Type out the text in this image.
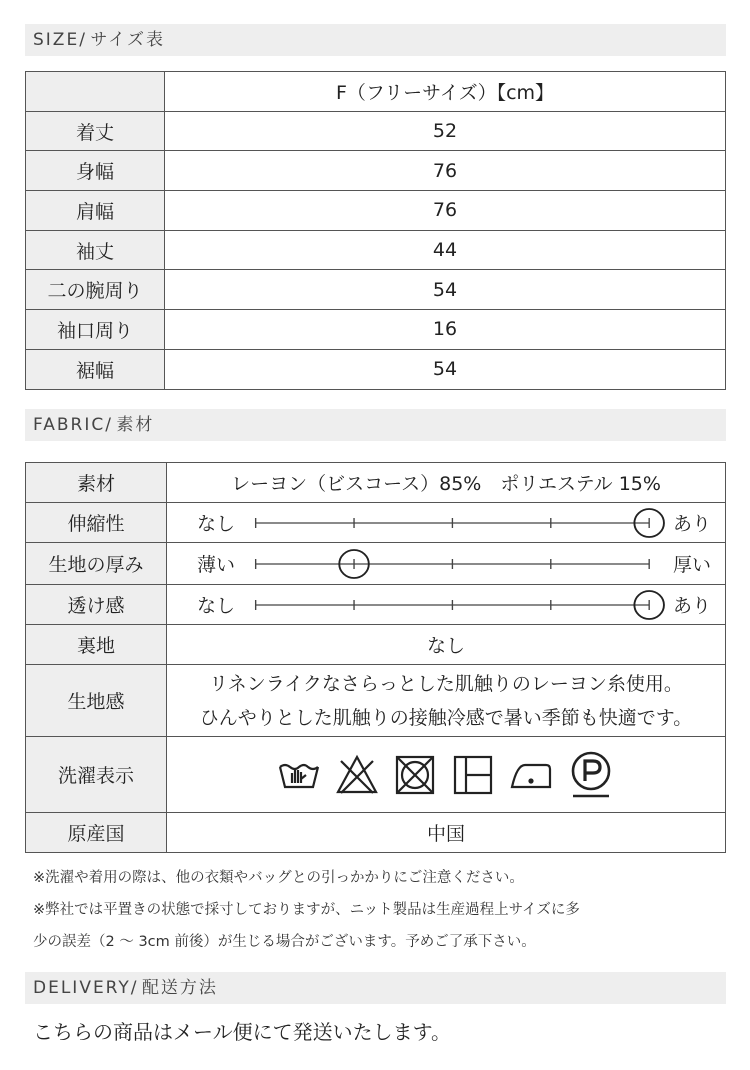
SIZE/ サイズ表
	F（フリーサイズ）【cm】
着丈	52
身幅	76
肩幅	76
袖丈	44
二の腕周り	54
袖口周り	16
裾幅	54
FABRIC/ 素材
素材	レーヨン（ビスコース）85%　ポリエステル 15%
伸縮性	なし あり

生地の厚み	薄い 厚い

透け感	なし あり

裏地	なし
生地感	リネンライクなさらっとした肌触りのレーヨン糸使用。
ひんやりとした肌触りの接触冷感で暑い季節も快適です。

洗濯表示	

原産国	中国

※洗濯や着用の際は、他の衣類やバッグとの引っかかりにご注意ください。

※弊社では平置きの状態で採寸しておりますが、ニット製品は生産過程上サイズに多

少の誤差（2 ～ 3cm 前後）が生じる場合がございます。予めご了承下さい。

DELIVERY/ 配送方法
こちらの商品はメール便にて発送いたします。
